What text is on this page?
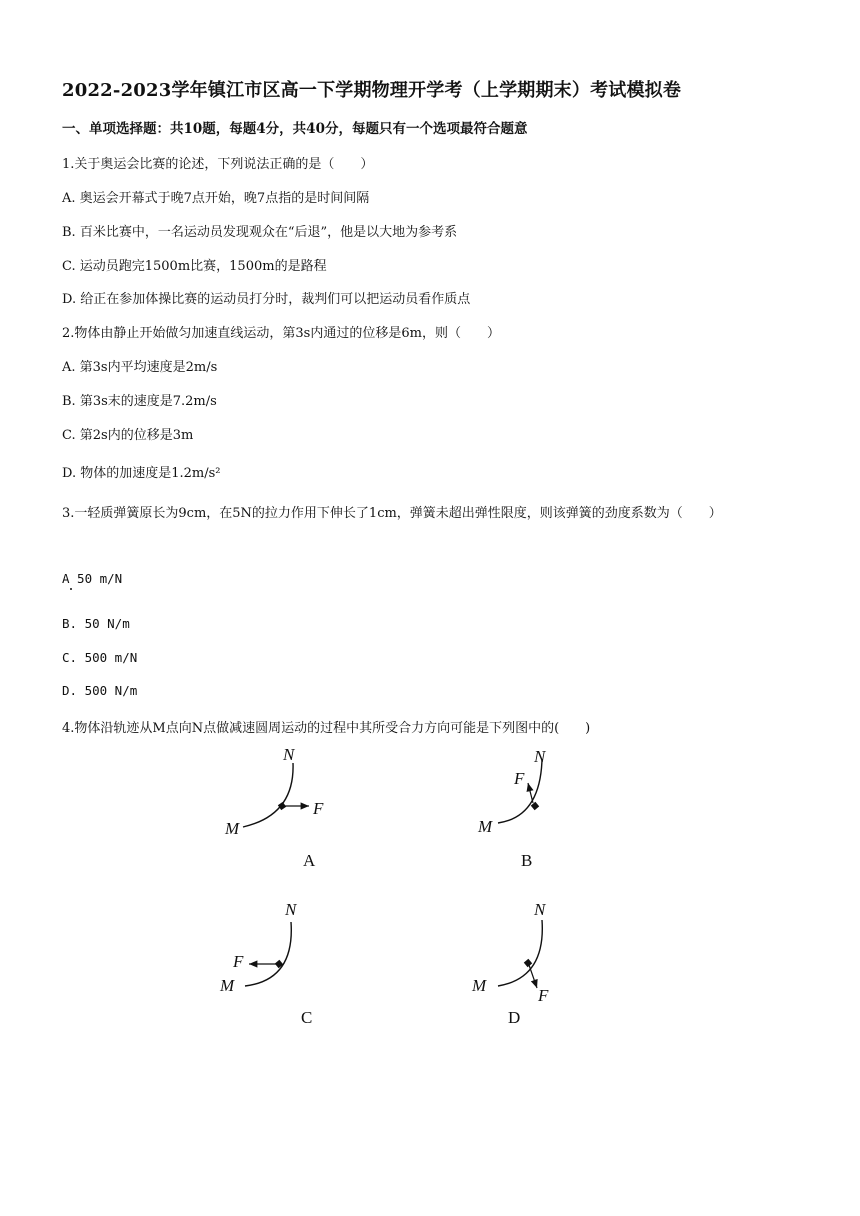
2022-2023学年镇江市区高一下学期物理开学考（上学期期末）考试模拟卷
一、单项选择题：共10题，每题4分，共40分，每题只有一个选项最符合题意
1.关于奥运会比赛的论述，下列说法正确的是（　　）
A. 奥运会开幕式于晚7点开始，晚7点指的是时间间隔
B. 百米比赛中，一名运动员发现观众在“后退”，他是以大地为参考系
C. 运动员跑完1500m比赛，1500m的是路程
D. 给正在参加体操比赛的运动员打分时，裁判们可以把运动员看作质点
2.物体由静止开始做匀加速直线运动，第3s内通过的位移是6m，则（　　）
A. 第3s内平均速度是2m/s
B. 第3s末的速度是7.2m/s
C. 第2s内的位移是3m
D. 物体的加速度是1.2m/s²
3.一轻质弹簧原长为9cm，在5N的拉力作用下伸长了1cm，弹簧未超出弹性限度，则该弹簧的劲度系数为（　　）
A 50 m/N
B. 50 N/m
C. 500 m/N
D. 500 N/m
4.物体沿轨迹从M点向N点做减速圆周运动的过程中其所受合力方向可能是下列图中的(　　)
N
M
F
A
N
M
F
B
N
M
F
C
N
M
F
D
